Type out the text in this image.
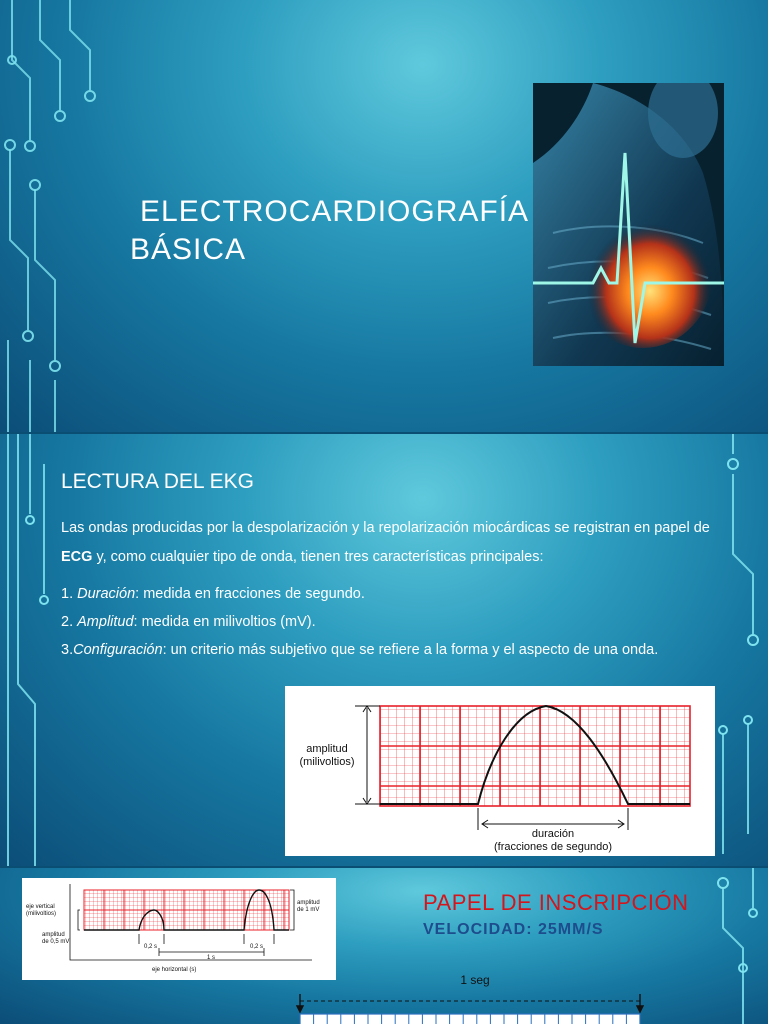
ELECTROCARDIOGRAFÍA
BÁSICA
LECTURA DEL EKG

Las ondas producidas por la despolarización y la repolarización miocárdicas se registran en papel de ECG y, como cualquier tipo de onda, tienen tres características principales:

1. Duración: medida en fracciones de segundo.
2. Amplitud: medida en milivoltios (mV).
3.Configuración: un criterio más subjetivo que se refiere a la forma y el aspecto de una onda.
amplitud
(milivoltios)
duración
(fracciones de segundo)
eje vertical
(milivoltios)
amplitud
de 0,5 mV
amplitud
de 1 mV
0,2 s	0,2 s
1 s
eje horizontal (s)
PAPEL DE INSCRIPCIÓN
VELOCIDAD: 25MM/S
1 seg
